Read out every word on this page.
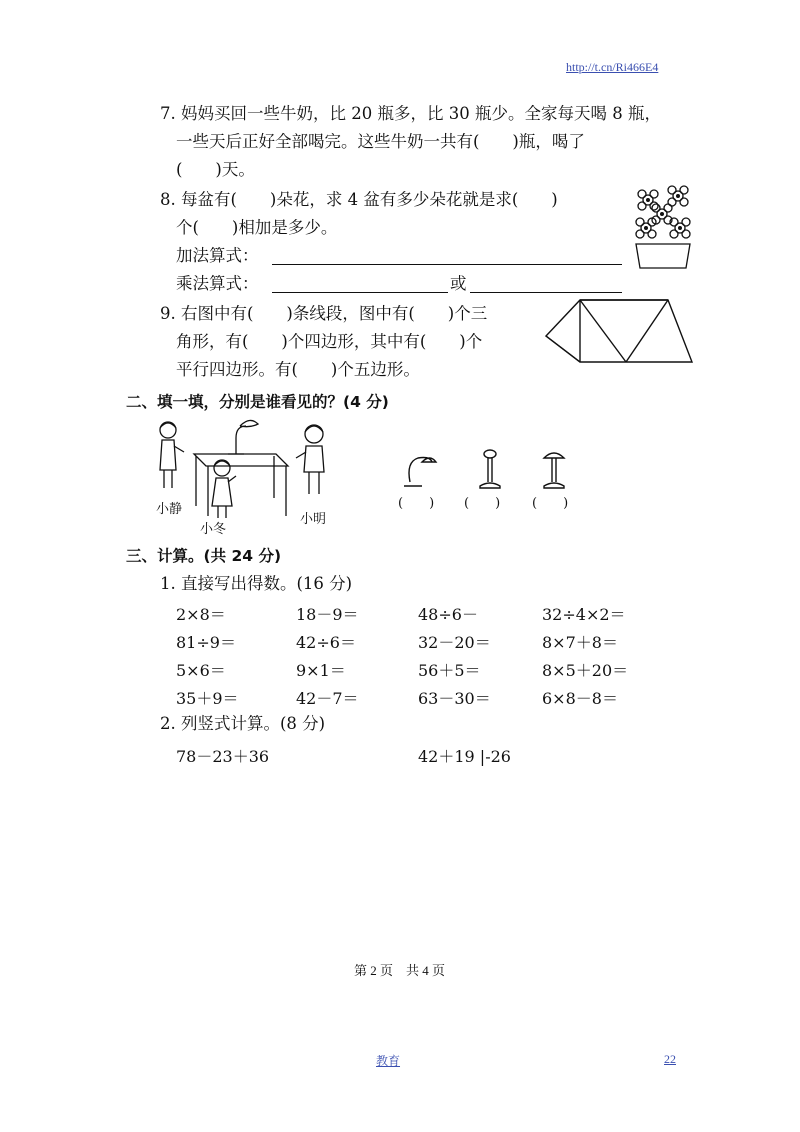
http://t.cn/Ri466E4
7. 妈妈买回一些牛奶，比 20 瓶多，比 30 瓶少。全家每天喝 8 瓶，
一些天后正好全部喝完。这些牛奶一共有(　　)瓶，喝了
(　　)天。
8. 每盆有(　　)朵花，求 4 盆有多少朵花就是求(　　)
个(　　)相加是多少。
加法算式：
乘法算式：	或
9. 右图中有(　　)条线段，图中有(　　)个三
角形，有(　　)个四边形，其中有(　　)个
平行四边形。有(　　)个五边形。
二、填一填，分别是谁看见的？(4 分)
小静
小冬
小明
(　　) (　　) (　　)
三、计算。(共 24 分)
1. 直接写出得数。(16 分)
2×8＝	18－9＝	48÷6－	32÷4×2＝
81÷9＝	42÷6＝	32－20＝	8×7＋8＝
5×6＝	9×1＝	56＋5＝	8×5＋20＝
35＋9＝	42－7＝	63－30＝	6×8－8＝
2. 列竖式计算。(8 分)
78－23＋36	42＋19 |-26
第 2 页　共 4 页
教育	22
